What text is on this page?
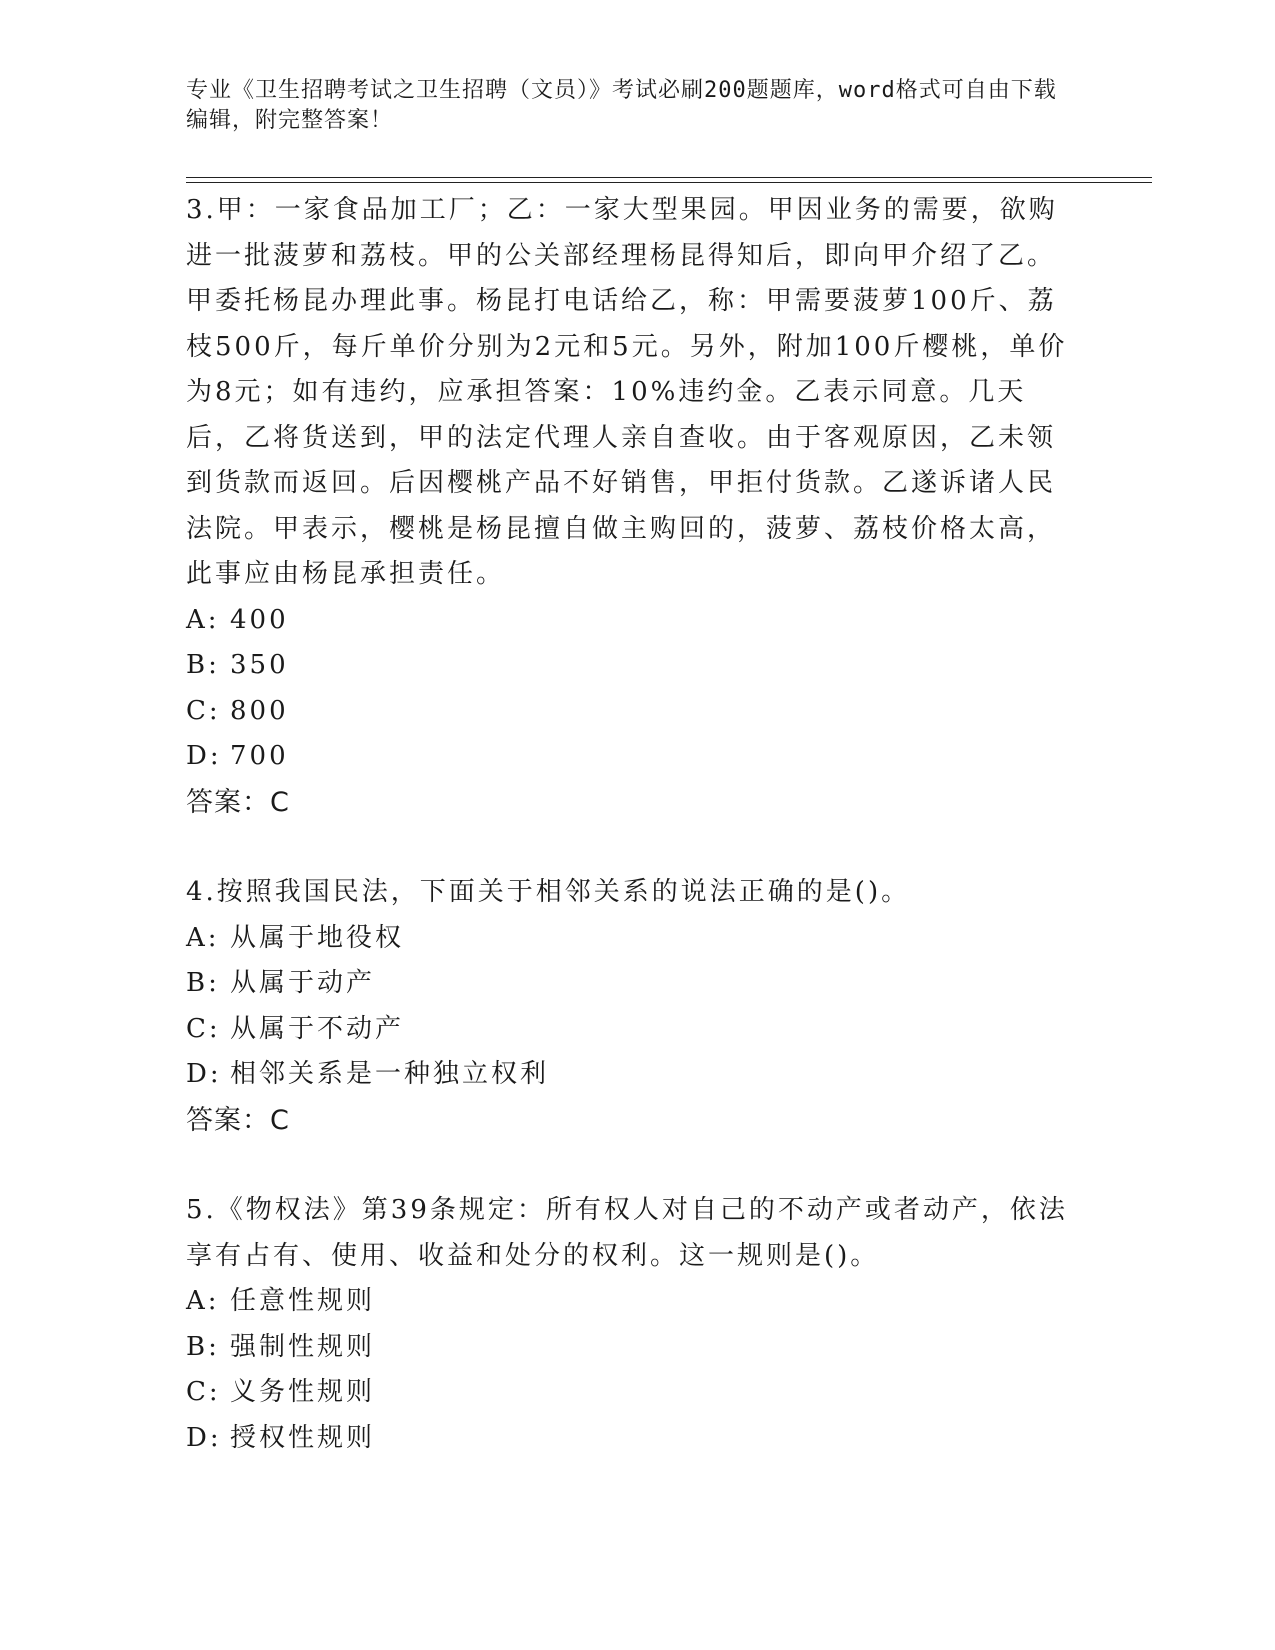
专业《卫生招聘考试之卫生招聘（文员）》考试必刷200题题库，word格式可自由下载编辑，附完整答案！

3.甲：一家食品加工厂；乙：一家大型果园。甲因业务的需要，欲购进一批菠萝和荔枝。甲的公关部经理杨昆得知后，即向甲介绍了乙。甲委托杨昆办理此事。杨昆打电话给乙，称：甲需要菠萝100斤、荔枝500斤，每斤单价分别为2元和5元。另外，附加100斤樱桃，单价为8元；如有违约，应承担答案：10%违约金。乙表示同意。几天后，乙将货送到，甲的法定代理人亲自查收。由于客观原因，乙未领到货款而返回。后因樱桃产品不好销售，甲拒付货款。乙遂诉诸人民法院。甲表示，樱桃是杨昆擅自做主购回的，菠萝、荔枝价格太高，此事应由杨昆承担责任。

A: 400

B: 350

C: 800

D: 700

答案：C

4.按照我国民法，下面关于相邻关系的说法正确的是()。

A: 从属于地役权

B: 从属于动产

C: 从属于不动产

D: 相邻关系是一种独立权利

答案：C

5.《物权法》第39条规定：所有权人对自己的不动产或者动产，依法享有占有、使用、收益和处分的权利。这一规则是()。

A: 任意性规则

B: 强制性规则

C: 义务性规则

D: 授权性规则
